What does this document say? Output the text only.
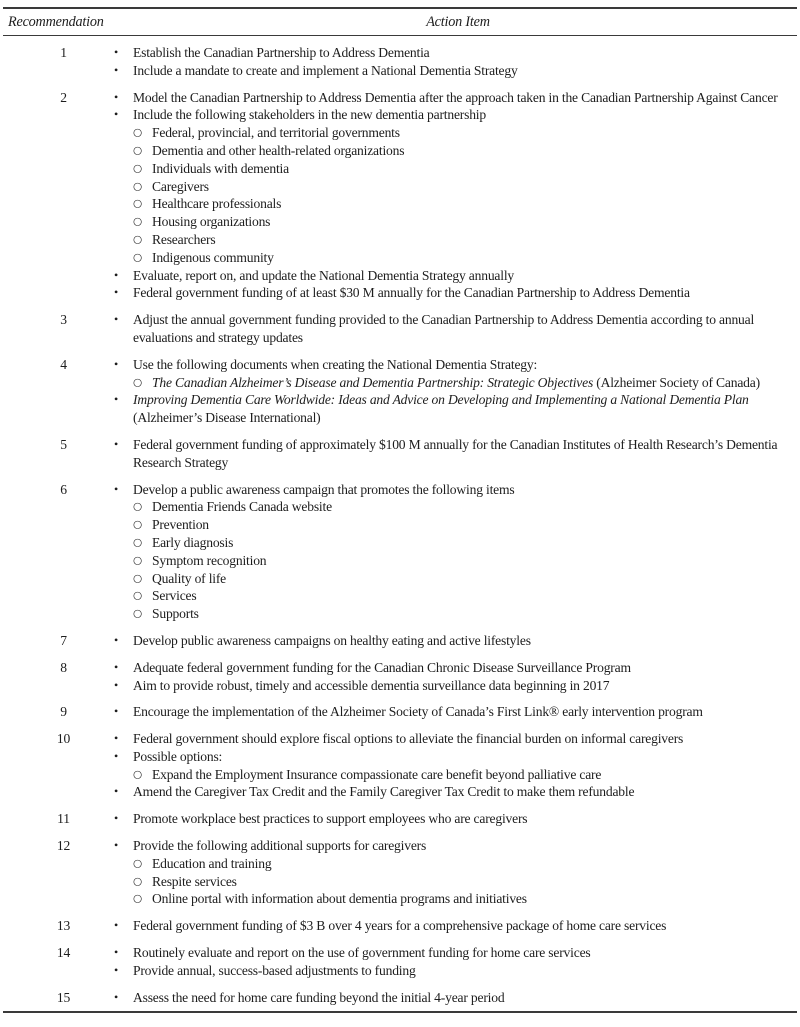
Recommendation	Action Item
1	•	Establish the Canadian Partnership to Address Dementia
•	Include a mandate to create and implement a National Dementia Strategy
2	•	Model the Canadian Partnership to Address Dementia after the approach taken in the Canadian Partnership Against Cancer
•	Include the following stakeholders in the new dementia partnership
○ Federal, provincial, and territorial governments
○ Dementia and other health-related organizations
○ Individuals with dementia
○ Caregivers
○ Healthcare professionals
○ Housing organizations
○ Researchers
○ Indigenous community
•	Evaluate, report on, and update the National Dementia Strategy annually
•	Federal government funding of at least $30 M annually for the Canadian Partnership to Address Dementia
3	•	Adjust the annual government funding provided to the Canadian Partnership to Address Dementia according to annual evaluations and strategy updates
4	•	Use the following documents when creating the National Dementia Strategy:
○ The Canadian Alzheimer’s Disease and Dementia Partnership: Strategic Objectives (Alzheimer Society of Canada)
•	Improving Dementia Care Worldwide: Ideas and Advice on Developing and Implementing a National Dementia Plan (Alzheimer’s Disease International)
5	•	Federal government funding of approximately $100 M annually for the Canadian Institutes of Health Research’s Dementia Research Strategy
6	•	Develop a public awareness campaign that promotes the following items
○ Dementia Friends Canada website
○ Prevention
○ Early diagnosis
○ Symptom recognition
○ Quality of life
○ Services
○ Supports
7	•	Develop public awareness campaigns on healthy eating and active lifestyles
8	•	Adequate federal government funding for the Canadian Chronic Disease Surveillance Program
•	Aim to provide robust, timely and accessible dementia surveillance data beginning in 2017
9	•	Encourage the implementation of the Alzheimer Society of Canada’s First Link® early intervention program
10	•	Federal government should explore fiscal options to alleviate the financial burden on informal caregivers
•	Possible options:
○ Expand the Employment Insurance compassionate care benefit beyond palliative care
•	Amend the Caregiver Tax Credit and the Family Caregiver Tax Credit to make them refundable
11	•	Promote workplace best practices to support employees who are caregivers
12	•	Provide the following additional supports for caregivers
○ Education and training
○ Respite services
○ Online portal with information about dementia programs and initiatives
13	•	Federal government funding of $3 B over 4 years for a comprehensive package of home care services
14	•	Routinely evaluate and report on the use of government funding for home care services
•	Provide annual, success-based adjustments to funding
15	•	Assess the need for home care funding beyond the initial 4-year period
